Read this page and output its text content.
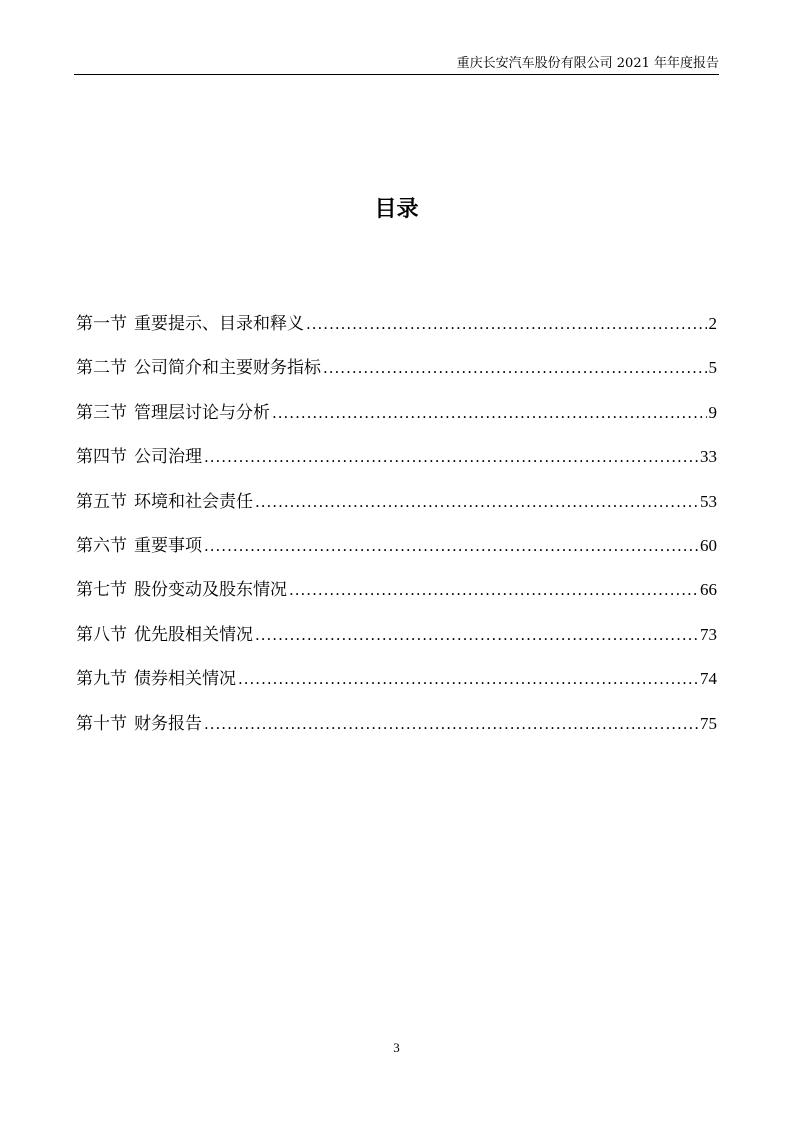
重庆长安汽车股份有限公司 2021 年年度报告
目录
第一节 重要提示、目录和释义 .....	2
第二节 公司简介和主要财务指标 .....	5
第三节 管理层讨论与分析 .....	9
第四节 公司治理 .....	33
第五节 环境和社会责任 .....	53
第六节 重要事项 .....	60
第七节 股份变动及股东情况 .....	66
第八节 优先股相关情况 .....	73
第九节 债券相关情况 .....	74
第十节 财务报告 .....	75
3
